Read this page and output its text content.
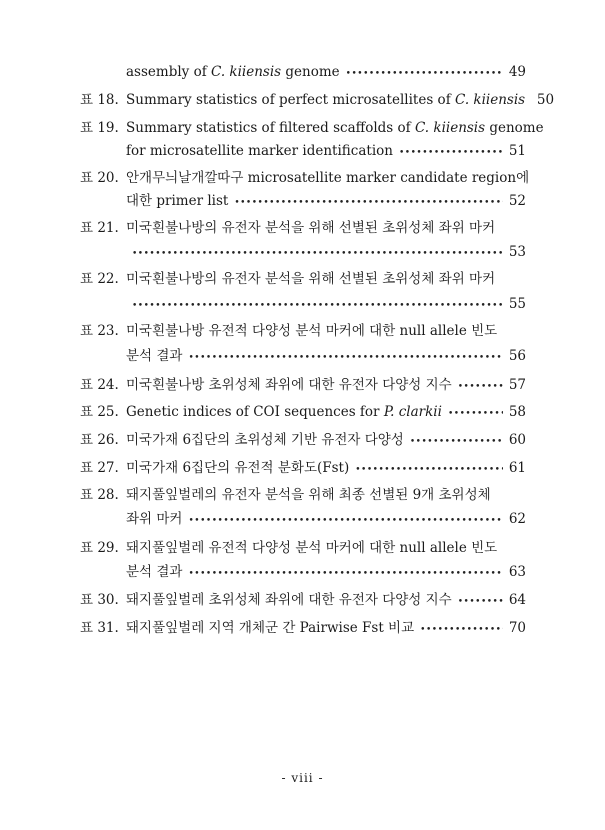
assembly of C. kiiensis genome •••••	49
표 18. Summary statistics of perfect microsatellites of C. kiiensis 50
표 19. Summary statistics of filtered scaffolds of C. kiiensis genome
for microsatellite marker identification •••••	51
표 20. 안개무늬날개깔따구 microsatellite marker candidate region에
대한 primer list •••••	52
표 21. 미국흰불나방의 유전자 분석을 위해 선별된 초위성체 좌위 마커
•••••
53
표 22. 미국흰불나방의 유전자 분석을 위해 선별된 초위성체 좌위 마커
•••••
55
표 23. 미국흰불나방 유전적 다양성 분석 마커에 대한 null allele 빈도
분석 결과 •••••	56
표 24. 미국흰불나방 초위성체 좌위에 대한 유전자 다양성 지수 •••••	57
표 25. Genetic indices of COI sequences for P. clarkii •••••	58
표 26. 미국가재 6집단의 초위성체 기반 유전자 다양성 •••••	60
표 27. 미국가재 6집단의 유전적 분화도(Fst) •••••	61
표 28. 돼지풀잎벌레의 유전자 분석을 위해 최종 선별된 9개 초위성체
좌위 마커 •••••	62
표 29. 돼지풀잎벌레 유전적 다양성 분석 마커에 대한 null allele 빈도
분석 결과 •••••	63
표 30. 돼지풀잎벌레 초위성체 좌위에 대한 유전자 다양성 지수 •••••	64
표 31. 돼지풀잎벌레 지역 개체군 간 Pairwise Fst 비교 •••••	70
- viii -
